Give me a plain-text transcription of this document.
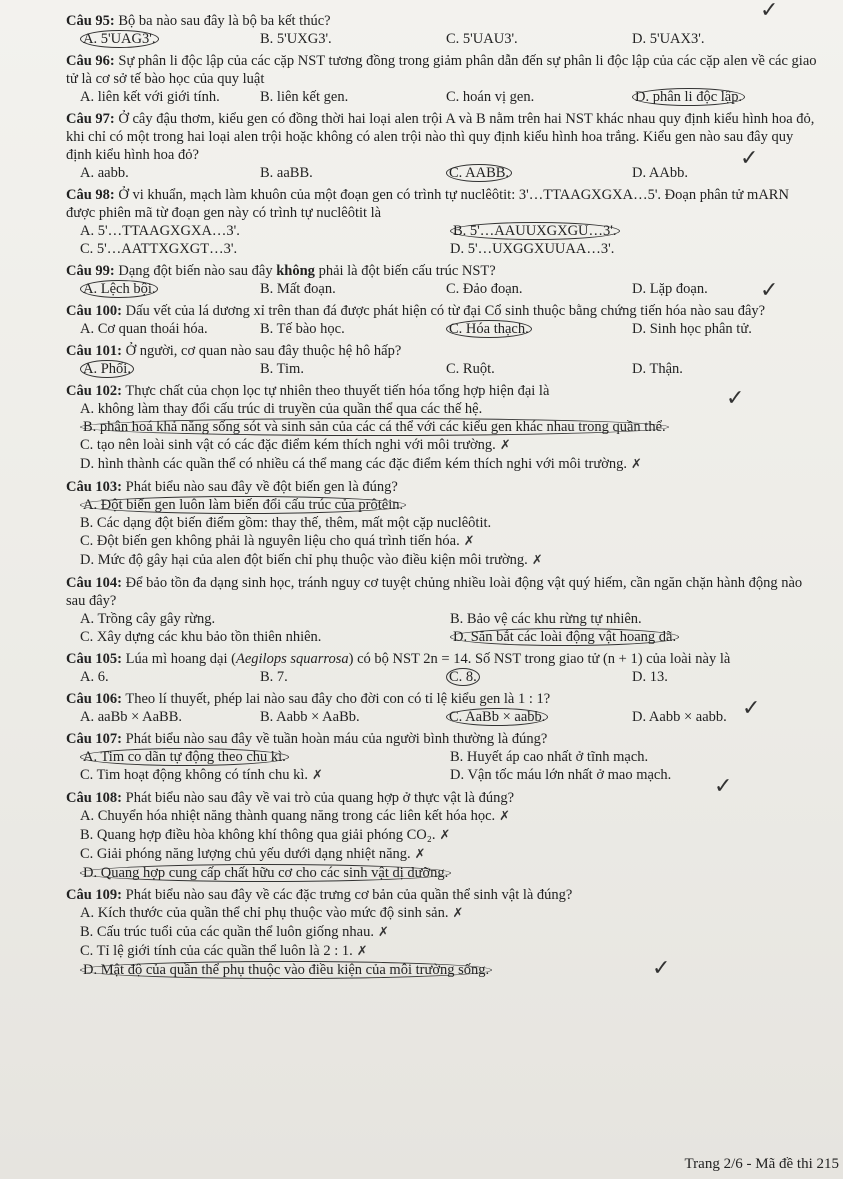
Câu 95: Bộ ba nào sau đây là bộ ba kết thúc?
A. 5'UAG3'.	B. 5'UXG3'.	C. 5'UAU3'.	D. 5'UAX3'.
Câu 96: Sự phân li độc lập của các cặp NST tương đồng trong giảm phân dẫn đến sự phân li độc lập của các cặp alen về các giao tử là cơ sở tế bào học của quy luật
A. liên kết với giới tính.	B. liên kết gen.	C. hoán vị gen.	D. phân li độc lập.
Câu 97: Ở cây đậu thơm, kiểu gen có đồng thời hai loại alen trội A và B nằm trên hai NST khác nhau quy định kiểu hình hoa đỏ, khi chỉ có một trong hai loại alen trội hoặc không có alen trội nào thì quy định kiểu hình hoa trắng. Kiểu gen nào sau đây quy định kiểu hình hoa đỏ?
A. aabb.	B. aaBB.	C. AABB.	D. AAbb.
Câu 98: Ở vi khuẩn, mạch làm khuôn của một đoạn gen có trình tự nuclêôtit: 3'…TTAAGXGXA…5'. Đoạn phân tử mARN được phiên mã từ đoạn gen này có trình tự nuclêôtit là
A. 5'…TTAAGXGXA…3'.	B. 5'…AAUUXGXGU…3'.
C. 5'…AATTXGXGT…3'.	D. 5'…UXGGXUUAA…3'.
Câu 99: Dạng đột biến nào sau đây không phải là đột biến cấu trúc NST?
A. Lệch bội.	B. Mất đoạn.	C. Đảo đoạn.	D. Lặp đoạn.
Câu 100: Dấu vết của lá dương xỉ trên than đá được phát hiện có từ đại Cổ sinh thuộc bằng chứng tiến hóa nào sau đây?
A. Cơ quan thoái hóa.	B. Tế bào học.	C. Hóa thạch.	D. Sinh học phân tử.
Câu 101: Ở người, cơ quan nào sau đây thuộc hệ hô hấp?
A. Phổi.	B. Tim.	C. Ruột.	D. Thận.
Câu 102: Thực chất của chọn lọc tự nhiên theo thuyết tiến hóa tổng hợp hiện đại là
A. không làm thay đổi cấu trúc di truyền của quần thể qua các thế hệ.
B. phân hoá khả năng sống sót và sinh sản của các cá thể với các kiểu gen khác nhau trong quần thể.
C. tạo nên loài sinh vật có các đặc điểm kém thích nghi với môi trường. ✗
D. hình thành các quần thể có nhiều cá thể mang các đặc điểm kém thích nghi với môi trường. ✗
Câu 103: Phát biểu nào sau đây về đột biến gen là đúng?
A. Đột biến gen luôn làm biến đổi cấu trúc của prôtêin.
B. Các dạng đột biến điểm gồm: thay thế, thêm, mất một cặp nuclêôtit.
C. Đột biến gen không phải là nguyên liệu cho quá trình tiến hóa. ✗
D. Mức độ gây hại của alen đột biến chỉ phụ thuộc vào điều kiện môi trường. ✗
Câu 104: Để bảo tồn đa dạng sinh học, tránh nguy cơ tuyệt chủng nhiều loài động vật quý hiếm, cần ngăn chặn hành động nào sau đây?
A. Trồng cây gây rừng.	B. Bảo vệ các khu rừng tự nhiên.
C. Xây dựng các khu bảo tồn thiên nhiên.	D. Săn bắt các loài động vật hoang dã.
Câu 105: Lúa mì hoang dại (Aegilops squarrosa) có bộ NST 2n = 14. Số NST trong giao tử (n + 1) của loài này là
A. 6.	B. 7.	C. 8.	D. 13.
Câu 106: Theo lí thuyết, phép lai nào sau đây cho đời con có tỉ lệ kiểu gen là 1 : 1?
A. aaBb × AaBB.	B. Aabb × AaBb.	C. AaBb × aabb.	D. Aabb × aabb.
Câu 107: Phát biểu nào sau đây về tuần hoàn máu của người bình thường là đúng?
A. Tim co dãn tự động theo chu kì.	B. Huyết áp cao nhất ở tĩnh mạch.
C. Tim hoạt động không có tính chu kì. ✗	D. Vận tốc máu lớn nhất ở mao mạch.
Câu 108: Phát biểu nào sau đây về vai trò của quang hợp ở thực vật là đúng?
A. Chuyển hóa nhiệt năng thành quang năng trong các liên kết hóa học. ✗
B. Quang hợp điều hòa không khí thông qua giải phóng CO₂. ✗
C. Giải phóng năng lượng chủ yếu dưới dạng nhiệt năng. ✗
D. Quang hợp cung cấp chất hữu cơ cho các sinh vật dị dưỡng.
Câu 109: Phát biểu nào sau đây về các đặc trưng cơ bản của quần thể sinh vật là đúng?
A. Kích thước của quần thể chỉ phụ thuộc vào mức độ sinh sản. ✗
B. Cấu trúc tuổi của các quần thể luôn giống nhau. ✗
C. Tỉ lệ giới tính của các quần thể luôn là 2 : 1. ✗
D. Mật độ của quần thể phụ thuộc vào điều kiện của môi trường sống.
✓
✓
✓
✓
✓
✓
✓
Trang 2/6 - Mã đề thi 215
